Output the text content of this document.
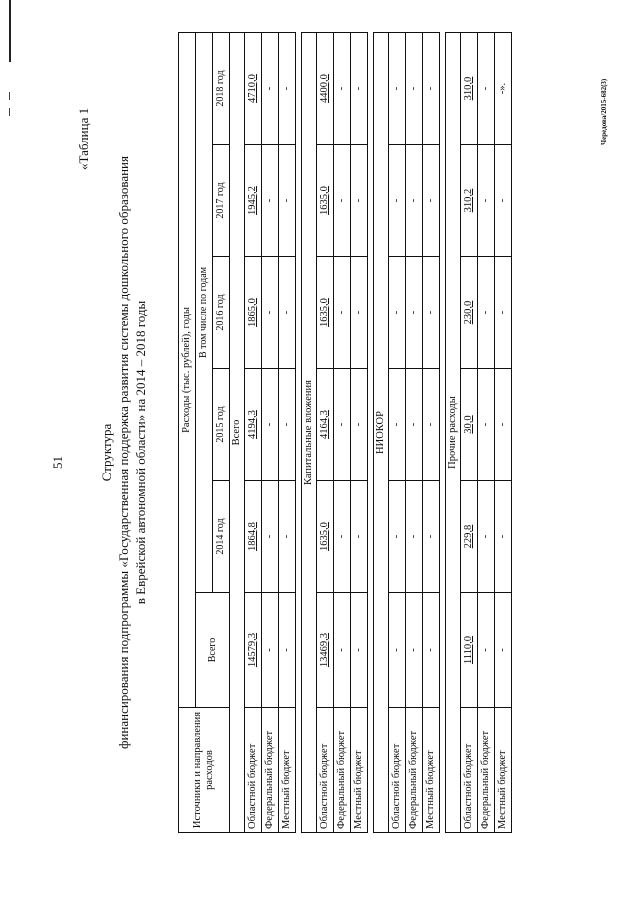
51
«Таблица 1
Структура финансирования подпрограммы «Государственная поддержка развития системы дошкольного образования в Еврейской автономной области» на 2014 – 2018 годы
Источники и направления расходов	Расходы (тыс. рублей), годы					
	Всего	В том числе по годам				
		2014 год	2015 год	2016 год	2017 год	2018 год
Всего						
Областной бюджет	14579,3	1864,8	4194,3	1865,0	1945,2	4710,0
Федеральный бюджет	-	-	-	-	-	-
Местный бюджет	-	-	-	-	-	-

Капитальные вложения						
Областной бюджет	13469,3	1635,0	4164,3	1635,0	1635,0	4400,0
Федеральный бюджет	-	-	-	-	-	-
Местный бюджет	-	-	-	-	-	-

НИОКОР						
Областной бюджет	-	-	-	-	-	-
Федеральный бюджет	-	-	-	-	-	-
Местный бюджет	-	-	-	-	-	-

Прочие расходы						
Областной бюджет	1110,0	229,8	30,0	230,0	310,2	310,0
Федеральный бюджет	-	-	-	-	-	-
Местный бюджет	-	-	-	-	-	-».	Чередова/2015-682(3)
